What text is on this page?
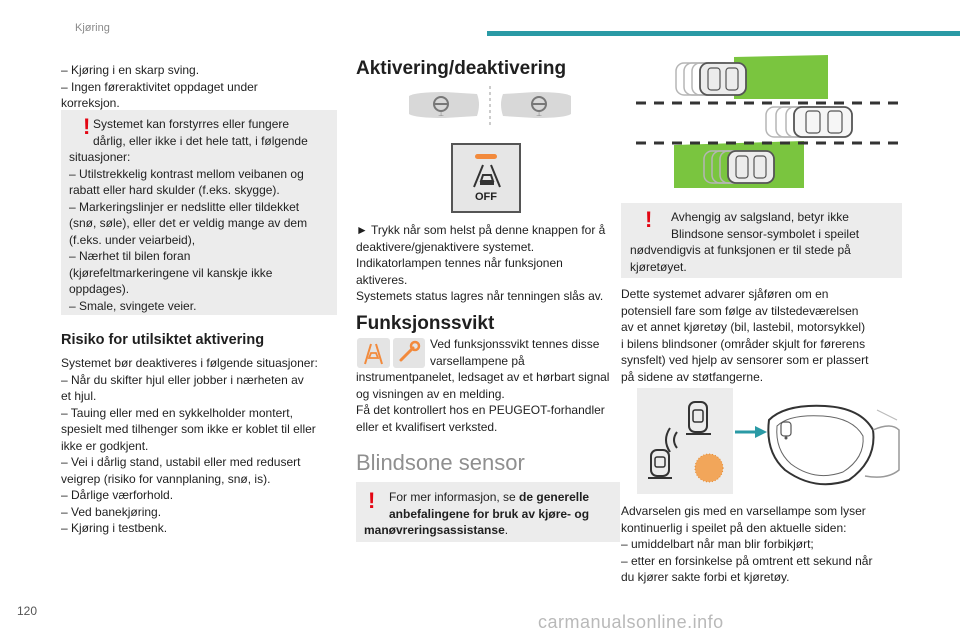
Kjøring

– Kjøring i en skarp sving.

– Ingen føreraktivitet oppdaget under

korreksjon.

! Systemet kan forstyrres eller fungere

dårlig, eller ikke i det hele tatt, i følgende

situasjoner:

– Utilstrekkelig kontrast mellom veibanen og

rabatt eller hard skulder (f.eks. skygge).

– Markeringslinjer er nedslitte eller tildekket

(snø, søle), eller det er veldig mange av dem

(f.eks. under veiarbeid),

– Nærhet til bilen foran

(kjørefeltmarkeringene vil kanskje ikke

oppdages).

– Smale, svingete veier.

Risiko for utilsiktet aktivering

Systemet bør deaktiveres i følgende situasjoner:

– Når du skifter hjul eller jobber i nærheten av

et hjul.

– Tauing eller med en sykkelholder montert,

spesielt med tilhenger som ikke er koblet til eller

ikke er godkjent.

– Vei i dårlig stand, ustabil eller med redusert

veigrep (risiko for vannplaning, snø, is).

– Dårlige værforhold.

– Ved banekjøring.

– Kjøring i testbenk.

Aktivering/deaktivering
⊥	⊥
OFF

► Trykk når som helst på denne knappen for å

deaktivere/gjenaktivere systemet.

Indikatorlampen tennes når funksjonen

aktiveres.

Systemets status lagres når tenningen slås av.

Funksjonssvikt

Ved funksjonssvikt tennes disse

varsellampene på

instrumentpanelet, ledsaget av et hørbart signal

og visningen av en melding.

Få det kontrollert hos en PEUGEOT-forhandler

eller et kvalifisert verksted.

Blindsone sensor
!	For mer informasjon, se de generelle

anbefalingene for bruk av kjøre- og

manøvreringsassistanse.

!	Avhengig av salgsland, betyr ikke

Blindsone sensor-symbolet i speilet

nødvendigvis at funksjonen er til stede på

kjøretøyet.

Dette systemet advarer sjåføren om en

potensiell fare som følge av tilstedeværelsen

av et annet kjøretøy (bil, lastebil, motorsykkel)

i bilens blindsoner (områder skjult for førerens

synsfelt) ved hjelp av sensorer som er plassert

på sidene av støtfangerne.

Advarselen gis med en varsellampe som lyser

kontinuerlig i speilet på den aktuelle siden:

– umiddelbart når man blir forbikjørt;

– etter en forsinkelse på omtrent ett sekund når

du kjører sakte forbi et kjøretøy.

120
carmanualsonline.info
